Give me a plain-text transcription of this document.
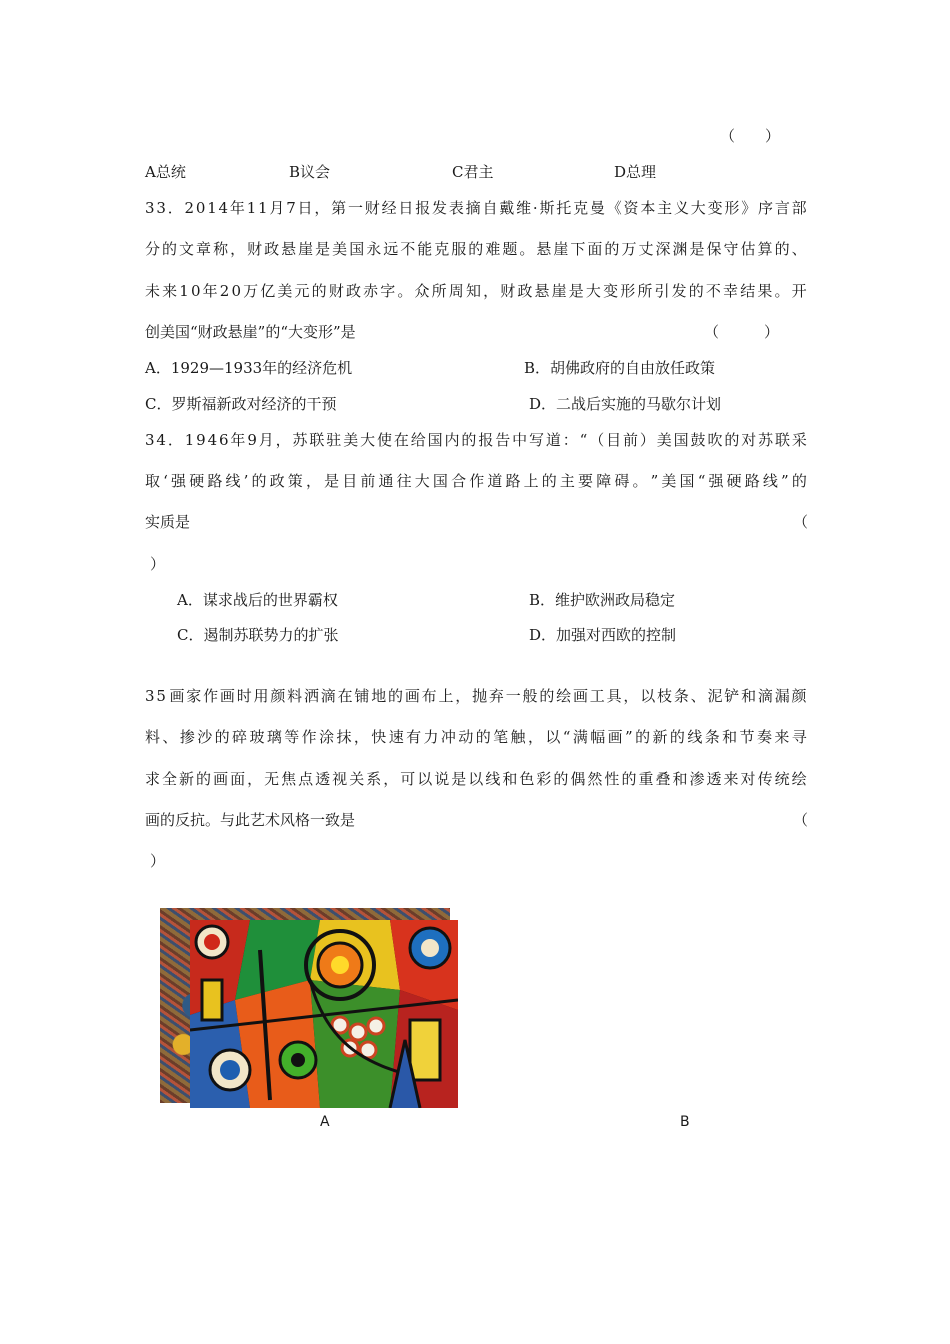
（　　）
A总统	B议会	C君主	D总理
3 3 ． 2 0 1 4 年 1 1 月 7 日 ， 第 一 财 经 日 报 发 表 摘 自 戴 维 · 斯 托 克 曼 《 资 本 主 义 大 变 形 》 序 言 部
分 的 文 章 称 ， 财 政 悬 崖 是 美 国 永 远 不 能 克 服 的 难 题 。 悬 崖 下 面 的 万 丈 深 渊 是 保 守 估 算 的 、
未 来 1 0 年 2 0 万 亿 美 元 的 财 政 赤 字 。 众 所 周 知 ， 财 政 悬 崖 是 大 变 形 所 引 发 的 不 幸 结 果 。 开
创美国“财政悬崖”的“大变形”是	（　　　）
A．1929—1933年的经济危机	B．胡佛政府的自由放任政策
C．罗斯福新政对经济的干预	D．二战后实施的马歇尔计划
3 4 ． 1 9 4 6 年 9 月 ， 苏 联 驻 美 大 使 在 给 国 内 的 报 告 中 写 道 ： “ （ 目 前 ） 美 国 鼓 吹 的 对 苏 联 采
取 ‘ 强 硬 路 线 ’ 的 政 策 ， 是 目 前 通 往 大 国 合 作 道 路 上 的 主 要 障 碍 。 ” 美 国 “ 强 硬 路 线 ” 的
实质是	（
）
A．谋求战后的世界霸权	B．维护欧洲政局稳定
C．遏制苏联势力的扩张	D．加强对西欧的控制
3 5 画 家 作 画 时 用 颜 料 洒 滴 在 铺 地 的 画 布 上 ， 抛 弃 一 般 的 绘 画 工 具 ， 以 枝 条 、 泥 铲 和 滴 漏 颜
料 、 掺 沙 的 碎 玻 璃 等 作 涂 抹 ， 快 速 有 力 冲 动 的 笔 触 ， 以 “ 满 幅 画 ” 的 新 的 线 条 和 节 奏 来 寻
求 全 新 的 画 面 ， 无 焦 点 透 视 关 系 ， 可 以 说 是 以 线 和 色 彩 的 偶 然 性 的 重 叠 和 渗 透 来 对 传 统 绘
画的反抗。与此艺术风格一致是	（
）
A	B
